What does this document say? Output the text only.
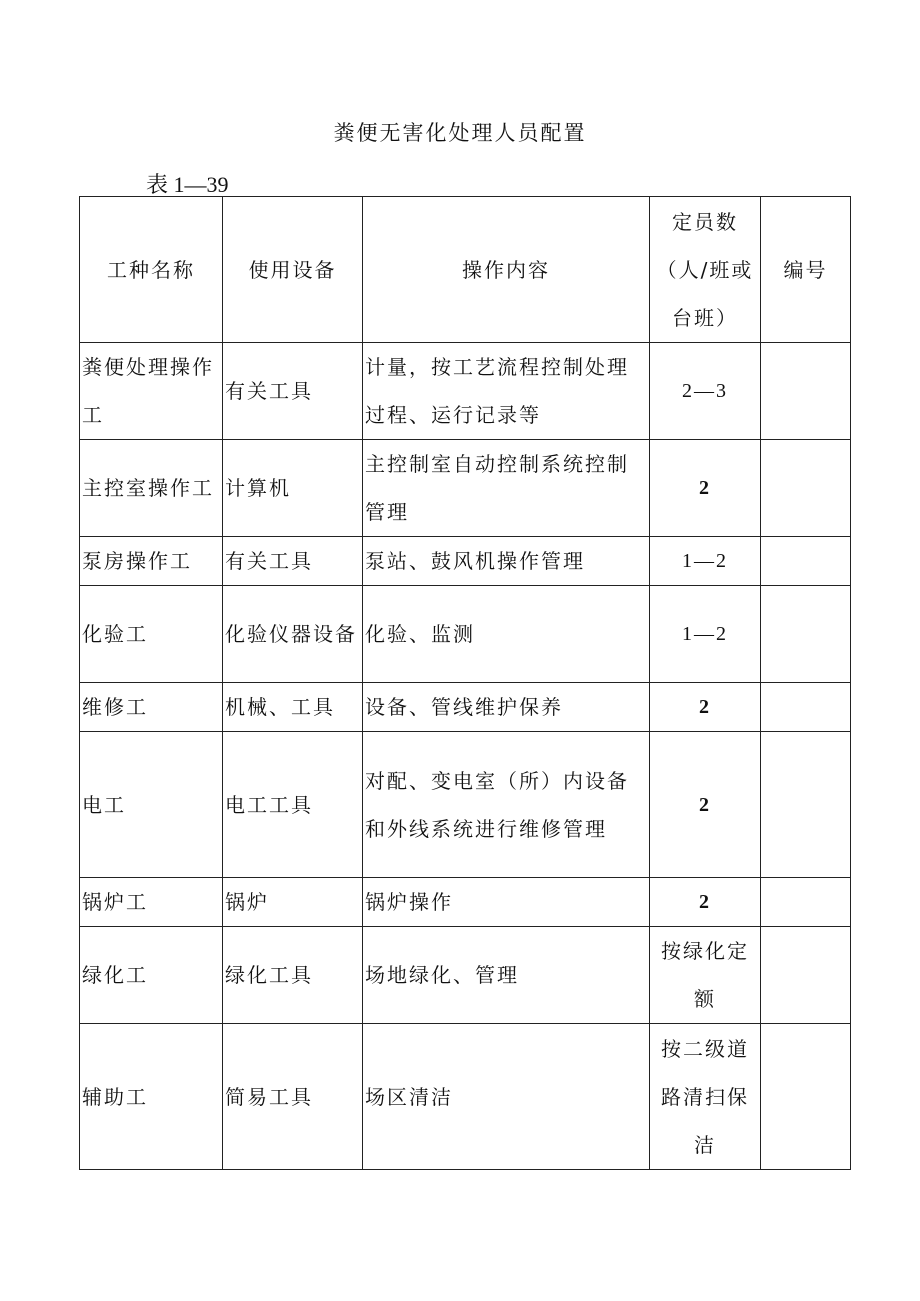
粪便无害化处理人员配置
表 1—39
工种名称	使用设备	操作内容	定员数（人/班或台班）	编号
粪便处理操作工	有关工具	计量，按工艺流程控制处理过程、运行记录等	2—3	
主控室操作工	计算机	主控制室自动控制系统控制管理	2	
泵房操作工	有关工具	泵站、鼓风机操作管理	1—2	
化验工	化验仪器设备	化验、监测	1—2	
维修工	机械、工具	设备、管线维护保养	2	
电工	电工工具	对配、变电室（所）内设备和外线系统进行维修管理	2	
锅炉工	锅炉	锅炉操作	2	
绿化工	绿化工具	场地绿化、管理	按绿化定额	
辅助工	简易工具	场区清洁	按二级道路清扫保洁	
